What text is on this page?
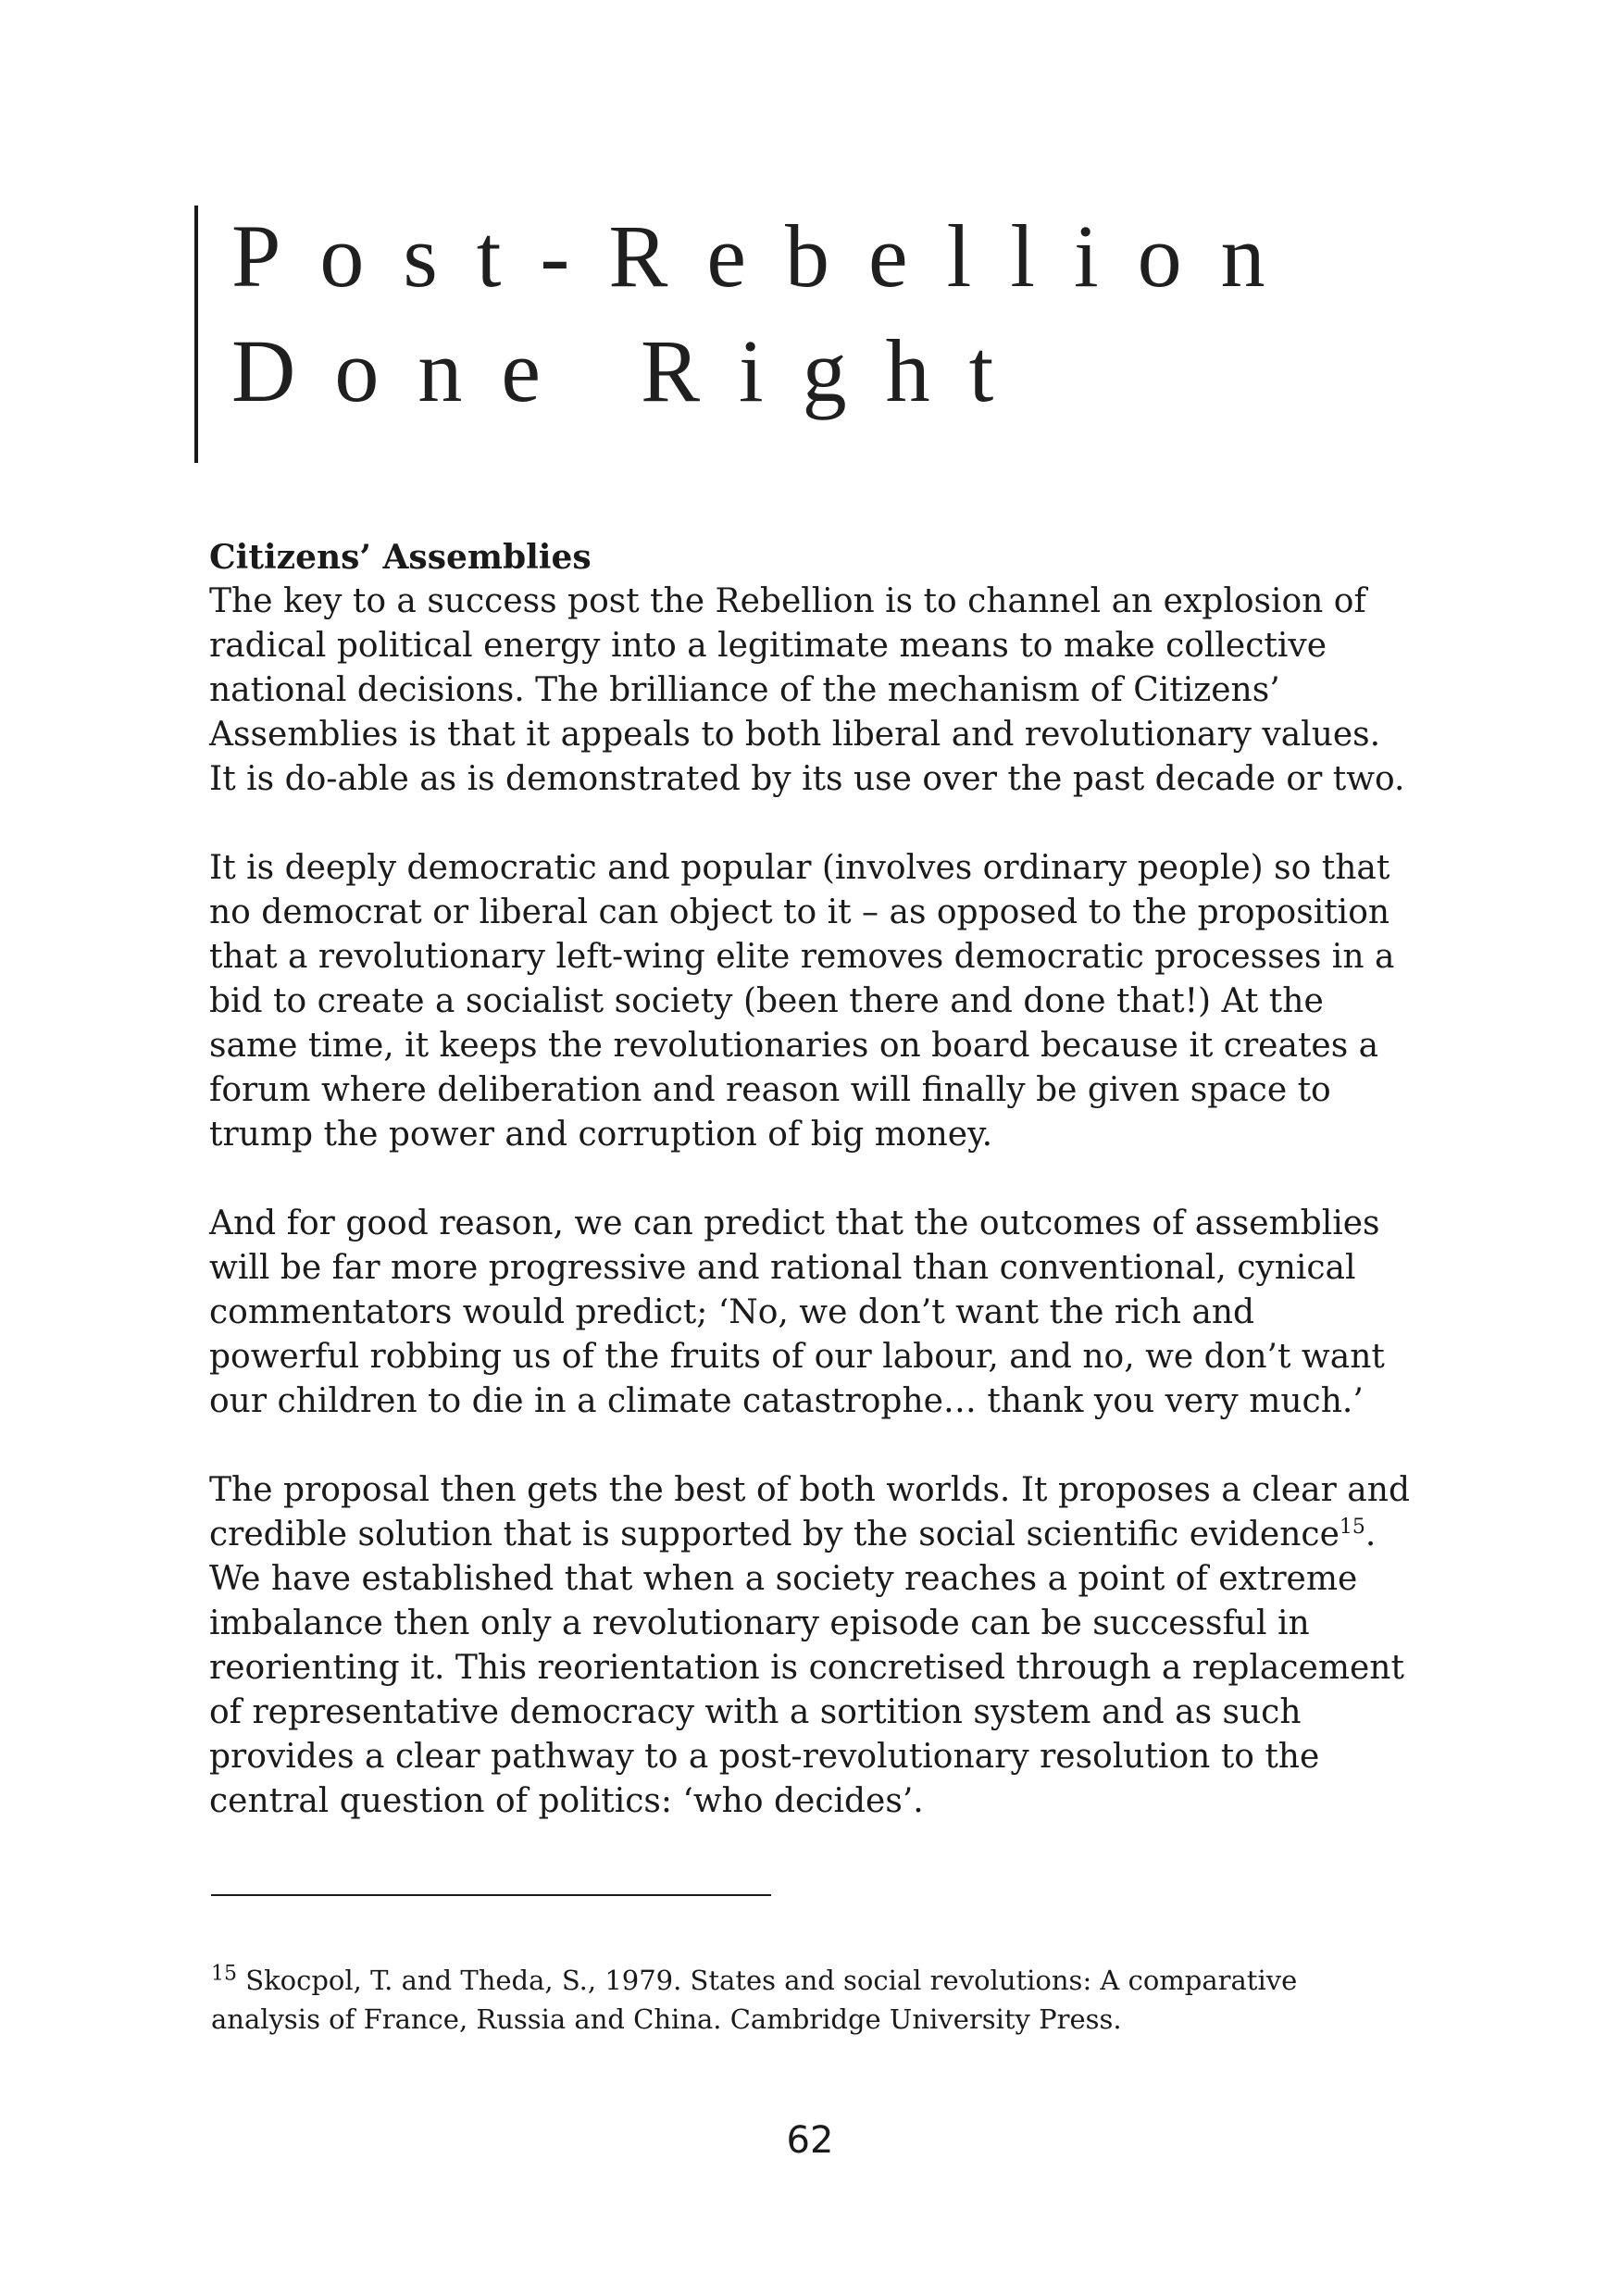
Post-Rebellion
Done Right
Citizens’ Assemblies

The key to a success post the Rebellion is to channel an explosion of
radical political energy into a legitimate means to make collective
national decisions. The brilliance of the mechanism of Citizens’
Assemblies is that it appeals to both liberal and revolutionary values.
It is do-able as is demonstrated by its use over the past decade or two.

It is deeply democratic and popular (involves ordinary people) so that
no democrat or liberal can object to it – as opposed to the proposition
that a revolutionary left-wing elite removes democratic processes in a
bid to create a socialist society (been there and done that!) At the
same time, it keeps the revolutionaries on board because it creates a
forum where deliberation and reason will finally be given space to
trump the power and corruption of big money.

And for good reason, we can predict that the outcomes of assemblies
will be far more progressive and rational than conventional, cynical
commentators would predict; ‘No, we don’t want the rich and
powerful robbing us of the fruits of our labour, and no, we don’t want
our children to die in a climate catastrophe… thank you very much.’

The proposal then gets the best of both worlds. It proposes a clear and
credible solution that is supported by the social scientific evidence$^{15}$.
We have established that when a society reaches a point of extreme
imbalance then only a revolutionary episode can be successful in
reorienting it. This reorientation is concretised through a replacement
of representative democracy with a sortition system and as such
provides a clear pathway to a post-revolutionary resolution to the
central question of politics: ‘who decides’.

$^{15}$ Skocpol, T. and Theda, S., 1979. States and social revolutions: A comparative
analysis of France, Russia and China. Cambridge University Press.
62
